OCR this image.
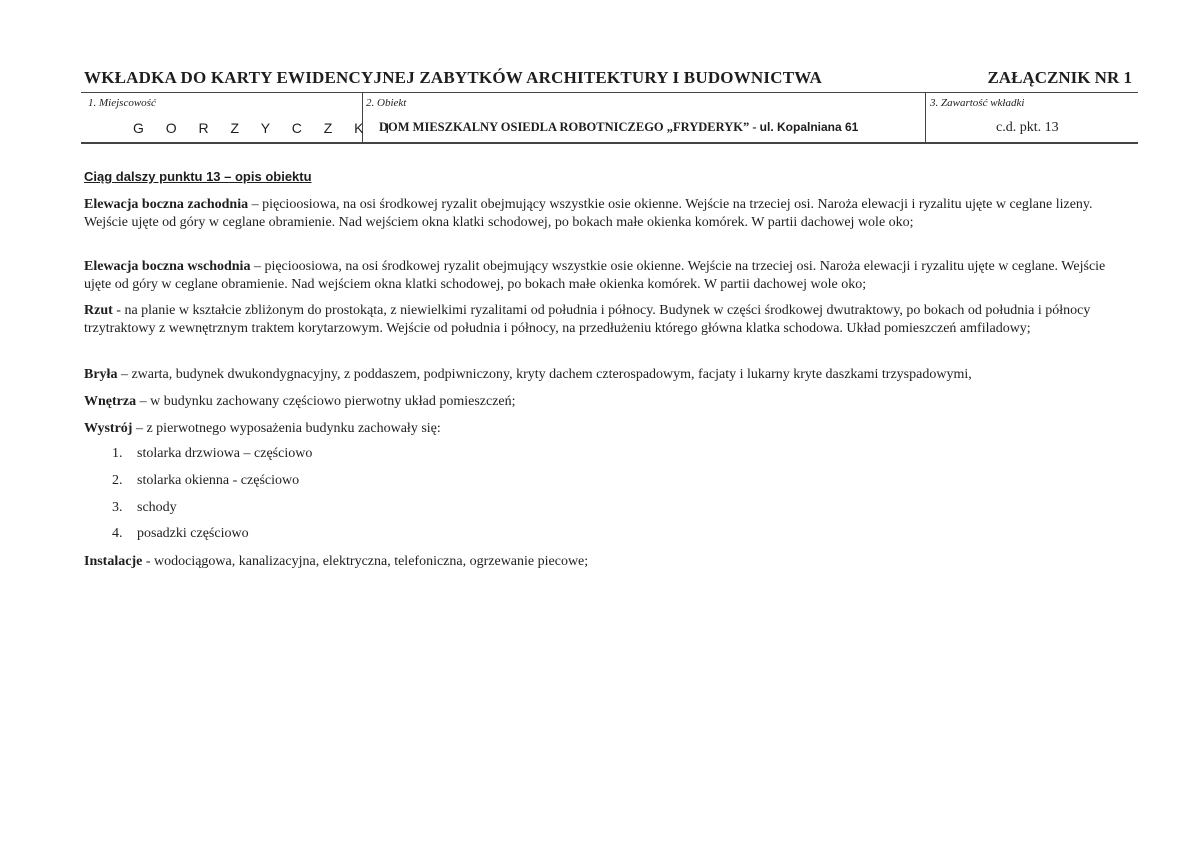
WKŁADKA DO KARTY EWIDENCYJNEJ ZABYTKÓW ARCHITEKTURY I BUDOWNICTWA	ZAŁĄCZNIK NR 1
1. Miejscowość
G O R Z Y C Z K I
2. Obiekt
DOM MIESZKALNY OSIEDLA ROBOTNICZEGO „FRYDERYK” - ul. Kopalniana 61
3. Zawartość wkładki
c.d. pkt. 13
Ciąg dalszy punktu 13 – opis obiektu
Elewacja boczna zachodnia – pięcioosiowa, na osi środkowej ryzalit obejmujący wszystkie osie okienne. Wejście na trzeciej osi. Naroża elewacji i ryzalitu ujęte w ceglane lizeny. Wejście ujęte od góry w ceglane obramienie. Nad wejściem okna klatki schodowej, po bokach małe okienka komórek. W partii dachowej wole oko;
Elewacja boczna wschodnia – pięcioosiowa, na osi środkowej ryzalit obejmujący wszystkie osie okienne. Wejście na trzeciej osi. Naroża elewacji i ryzalitu ujęte w ceglane. Wejście ujęte od góry w ceglane obramienie. Nad wejściem okna klatki schodowej, po bokach małe okienka komórek. W partii dachowej wole oko;
Rzut - na planie w kształcie zbliżonym do prostokąta, z niewielkimi ryzalitami od południa i północy. Budynek w części środkowej dwutraktowy, po bokach od południa i północy trzytraktowy z wewnętrznym traktem korytarzowym. Wejście od południa i północy, na przedłużeniu którego główna klatka schodowa. Układ pomieszczeń amfiladowy;
Bryła – zwarta, budynek dwukondygnacyjny, z poddaszem, podpiwniczony, kryty dachem czterospadowym, facjaty i lukarny kryte daszkami trzyspadowymi,
Wnętrza – w budynku zachowany częściowo pierwotny układ pomieszczeń;
Wystrój – z pierwotnego wyposażenia budynku zachowały się:
1. stolarka drzwiowa – częściowo
2. stolarka okienna - częściowo
3. schody
4. posadzki częściowo
Instalacje - wodociągowa, kanalizacyjna, elektryczna, telefoniczna, ogrzewanie piecowe;
